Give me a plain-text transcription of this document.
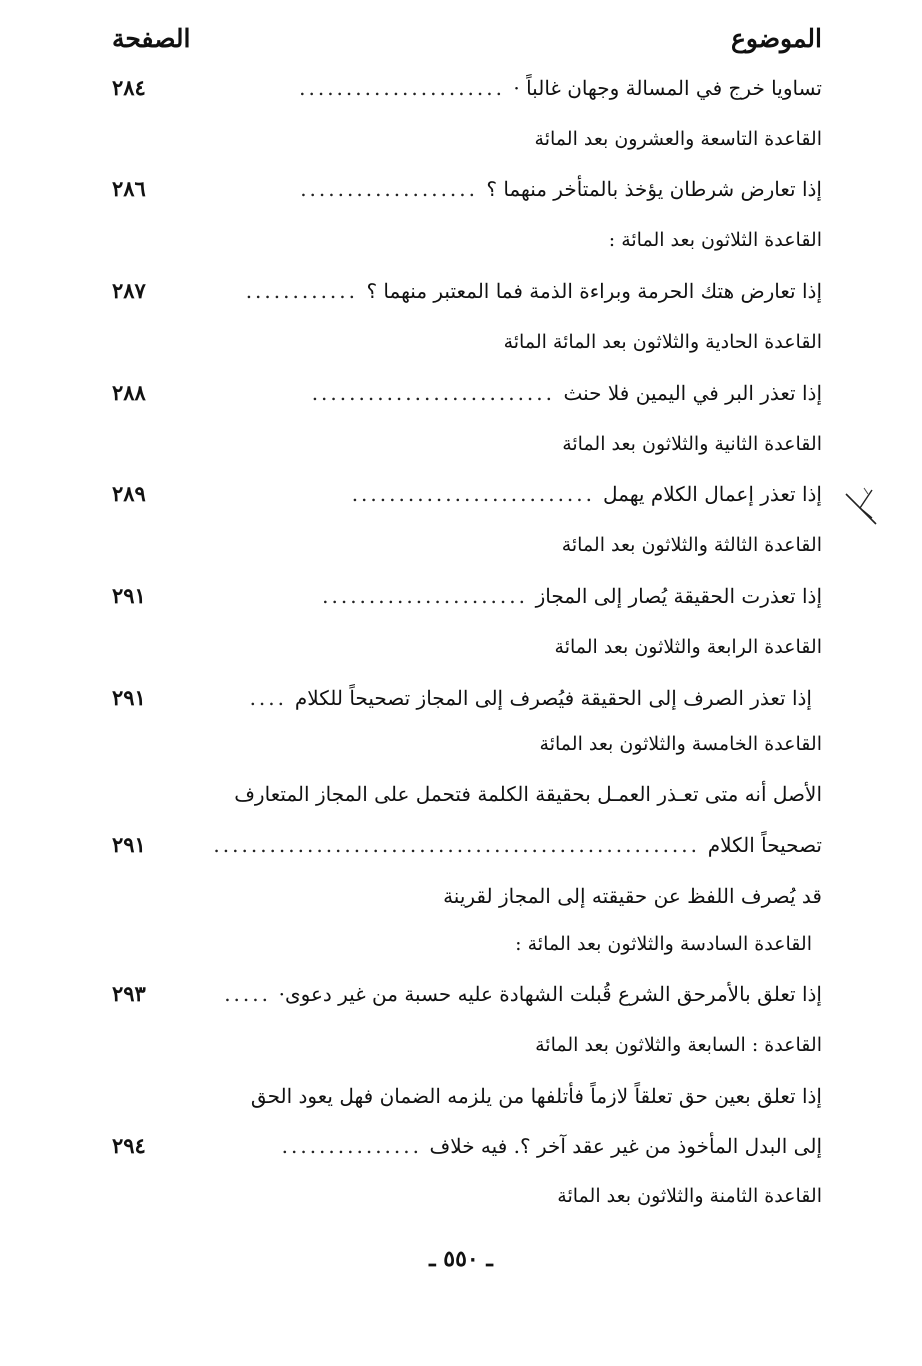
الموضوع
الصفحة
تساويا خرج في المسالة وجهان غالباً ·
......................
٢٨٤
القاعدة التاسعة والعشرون بعد المائة
إذا تعارض شرطان يؤخذ بالمتأخر منهما ؟
...................
٢٨٦
القاعدة الثلاثون بعد المائة :
إذا تعارض هتك الحرمة وبراءة الذمة فما المعتبر منهما ؟
............
٢٨٧
القاعدة الحادية والثلاثون بعد المائة المائة
إذا تعذر البر في اليمين فلا حنث
..........................
٢٨٨
القاعدة الثانية والثلاثون بعد المائة
إذا تعذر إعمال الكلام يهمل
..........................
٢٨٩
القاعدة الثالثة والثلاثون بعد المائة
إذا تعذرت الحقيقة يُصار إلى المجاز
......................
٢٩١
القاعدة الرابعة والثلاثون بعد المائة
إذا تعذر الصرف إلى الحقيقة فيُصرف إلى المجاز تصحيحاً للكلام
....
٢٩١
القاعدة الخامسة والثلاثون بعد المائة
الأصل أنه متى تعـذر العمـل بحقيقة الكلمة فتحمل على المجاز المتعارف
تصحيحاً الكلام
....................................................
٢٩١
قد يُصرف اللفظ عن حقيقته إلى المجاز لقرينة
القاعدة السادسة والثلاثون بعد المائة :
إذا تعلق بالأمرحق الشرع قُبلت الشهادة عليه حسبة من غير دعوى·
.....
٢٩٣
القاعدة : السابعة والثلاثون بعد المائة
إذا تعلق بعين حق تعلقاً لازماً فأتلفها من يلزمه الضمان فهل يعود الحق
إلى البدل المأخوذ من غير عقد آخر ؟. فيه خلاف
...............
٢٩٤
القاعدة الثامنة والثلاثون بعد المائة
ـ ٥٥٠ ـ
